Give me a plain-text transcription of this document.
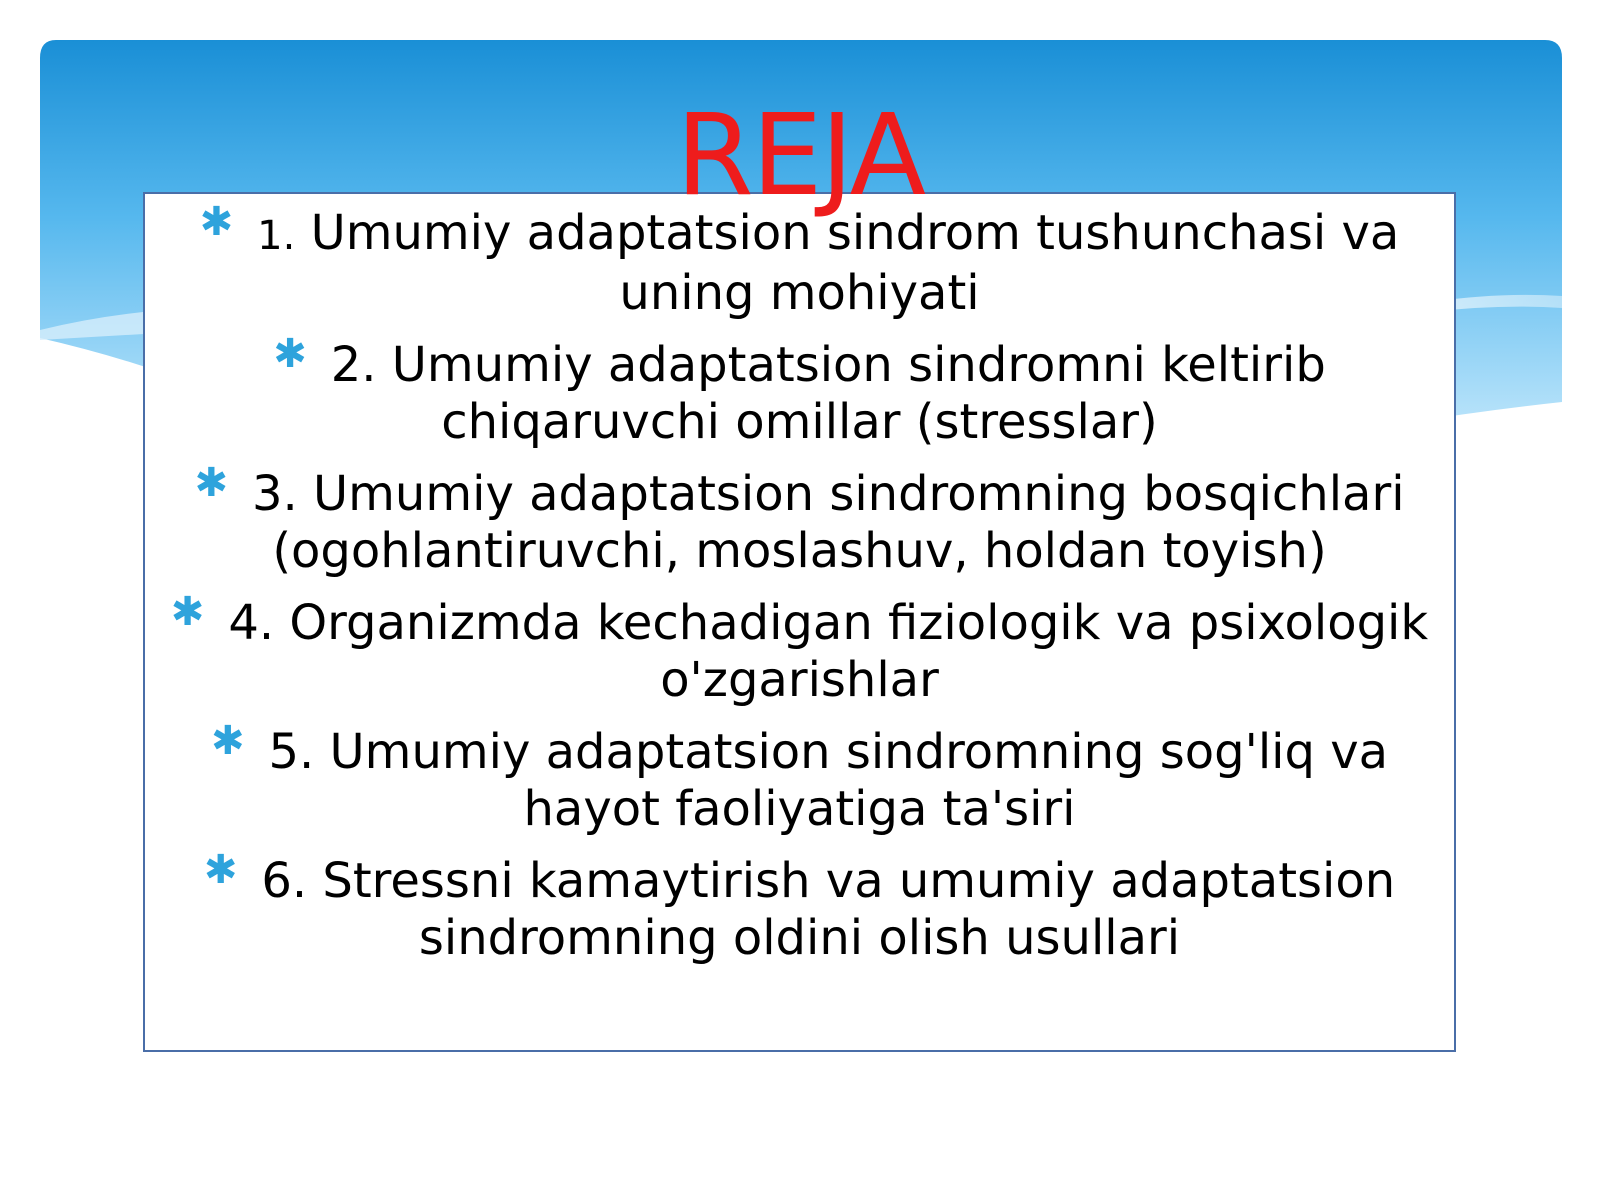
REJA
✱ 1. Umumiy adaptatsion sindrom tushunchasi va uning mohiyati
✱ 2. Umumiy adaptatsion sindromni keltirib chiqaruvchi omillar (stresslar)
✱ 3. Umumiy adaptatsion sindromning bosqichlari (ogohlantiruvchi, moslashuv, holdan toyish)
✱ 4. Organizmda kechadigan fiziologik va psixologik o'zgarishlar
✱ 5. Umumiy adaptatsion sindromning sog'liq va hayot faoliyatiga ta'siri
✱ 6. Stressni kamaytirish va umumiy adaptatsion sindromning oldini olish usullari
